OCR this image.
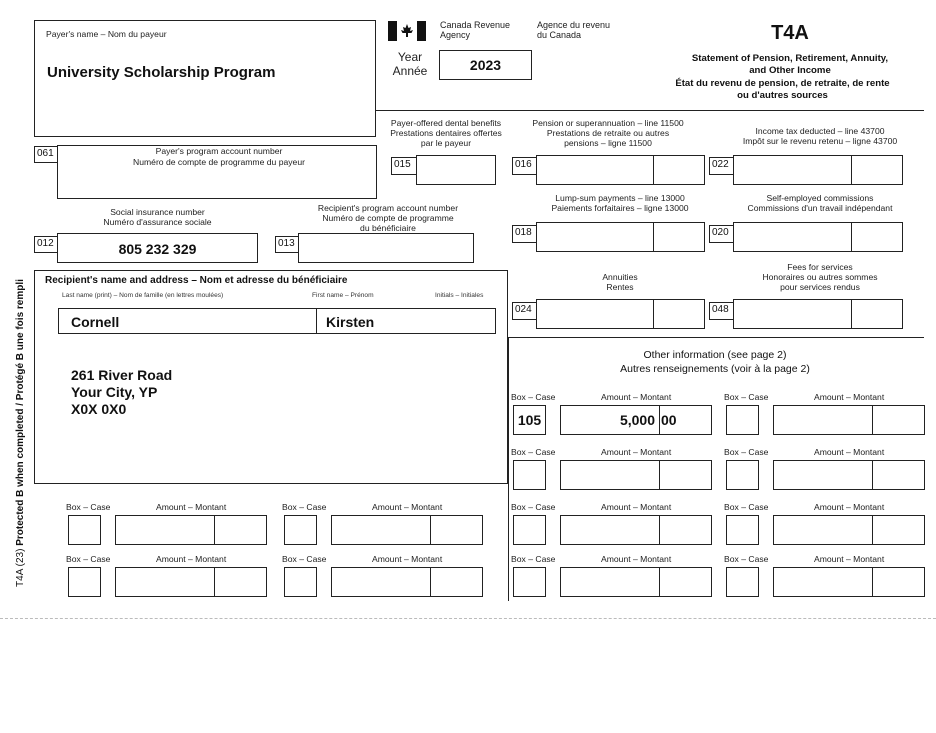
T4A (23) Protected B when completed / Protégé B une fois rempli
Payer's name – Nom du payeur
University Scholarship Program
061	Payer's program account number
Numéro de compte de programme du payeur
Canada Revenue
Agency
Agence du revenu
du Canada
Year
Année	2023
T4A
Statement of Pension, Retirement, Annuity,
and Other Income
État du revenu de pension, de retraite, de rente
ou d'autres sources
Payer-offered dental benefits
Prestations dentaires offertes
par le payeur
015
Pension or superannuation – line 11500
Prestations de retraite ou autres
pensions – ligne 11500
016
Income tax deducted – line 43700
Impôt sur le revenu retenu – ligne 43700
022
Social insurance number
Numéro d'assurance sociale
012	805 232 329
Recipient's program account number
Numéro de compte de programme
du bénéficiaire
013
Lump-sum payments – line 13000
Paiements forfaitaires – ligne 13000
018
Self-employed commissions
Commissions d'un travail indépendant
020
Recipient's name and address – Nom et adresse du bénéficiaire
Last name (print) – Nom de famille (en lettres moulées)	First name – Prénom	Initials – Initiales
Cornell	Kirsten
261 River Road
Your City, YP
X0X 0X0
Annuities
Rentes
024
Fees for services
Honoraires ou autres sommes
pour services rendus
048
Other information (see page 2)
Autres renseignements (voir à la page 2)
Box – Case	Amount – Montant
105	5,000 00
Box – Case	Amount – Montant
Box – Case	Amount – Montant	Box – Case	Amount – Montant
Box – Case	Amount – Montant	Box – Case	Amount – Montant
Box – Case	Amount – Montant	Box – Case	Amount – Montant
Box – Case	Amount – Montant	Box – Case	Amount – Montant
Box – Case	Amount – Montant	Box – Case	Amount – Montant
